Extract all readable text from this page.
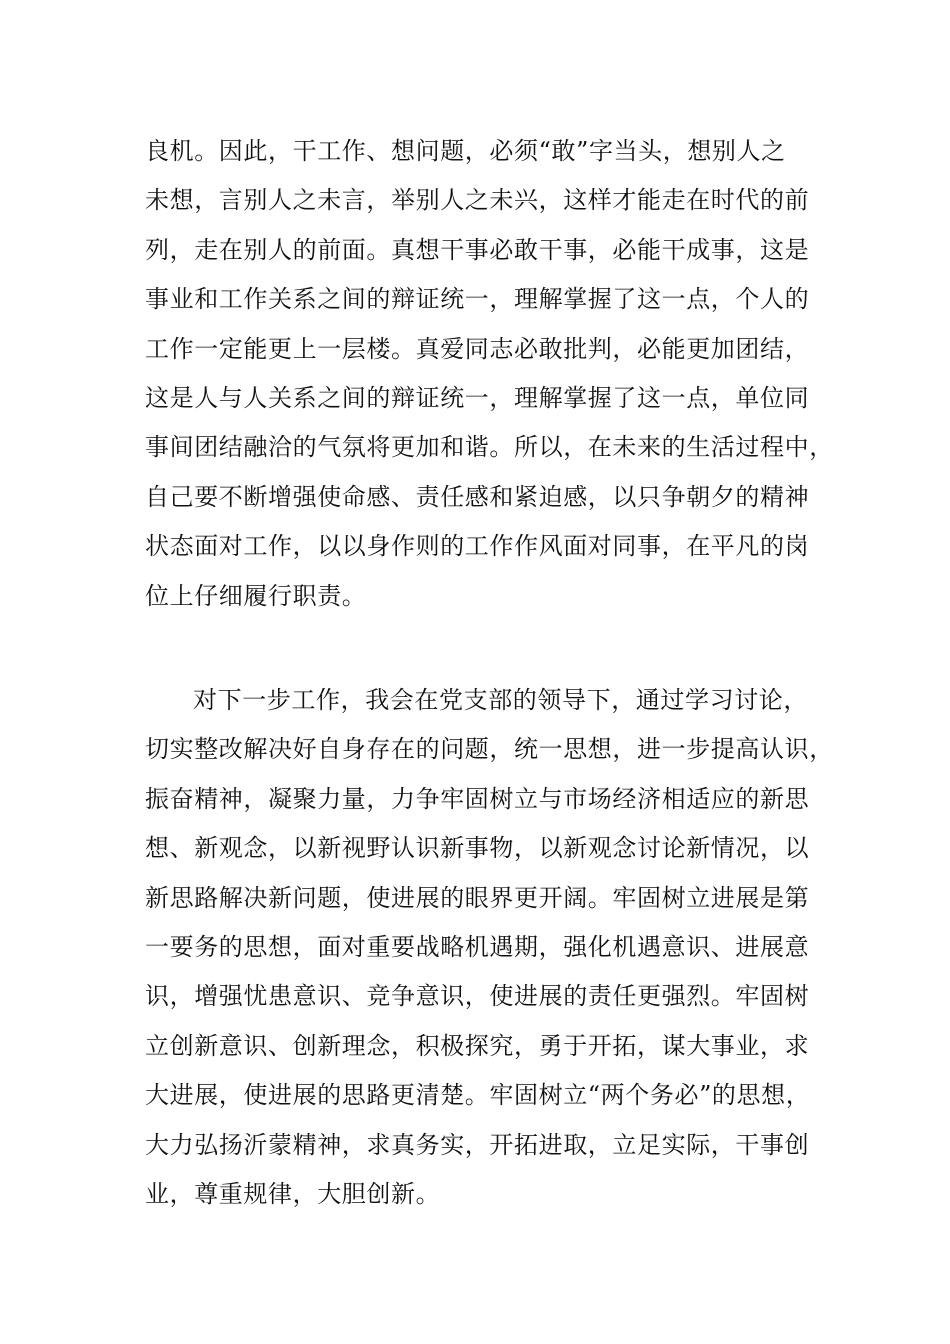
良机。因此，干工作、想问题，必须“敢”字当头，想别人之
未想，言别人之未言，举别人之未兴，这样才能走在时代的前
列，走在别人的前面。真想干事必敢干事，必能干成事，这是
事业和工作关系之间的辩证统一，理解掌握了这一点，个人的
工作一定能更上一层楼。真爱同志必敢批判，必能更加团结，
这是人与人关系之间的辩证统一，理解掌握了这一点，单位同
事间团结融洽的气氛将更加和谐。所以，在未来的生活过程中，
自己要不断增强使命感、责任感和紧迫感，以只争朝夕的精神
状态面对工作，以以身作则的工作作风面对同事，在平凡的岗
位上仔细履行职责。
对下一步工作，我会在党支部的领导下，通过学习讨论，
切实整改解决好自身存在的问题，统一思想，进一步提高认识，
振奋精神，凝聚力量，力争牢固树立与市场经济相适应的新思
想、新观念，以新视野认识新事物，以新观念讨论新情况，以
新思路解决新问题，使进展的眼界更开阔。牢固树立进展是第
一要务的思想，面对重要战略机遇期，强化机遇意识、进展意
识，增强忧患意识、竞争意识，使进展的责任更强烈。牢固树
立创新意识、创新理念，积极探究，勇于开拓，谋大事业，求
大进展，使进展的思路更清楚。牢固树立“两个务必”的思想，
大力弘扬沂蒙精神，求真务实，开拓进取，立足实际，干事创
业，尊重规律，大胆创新。
